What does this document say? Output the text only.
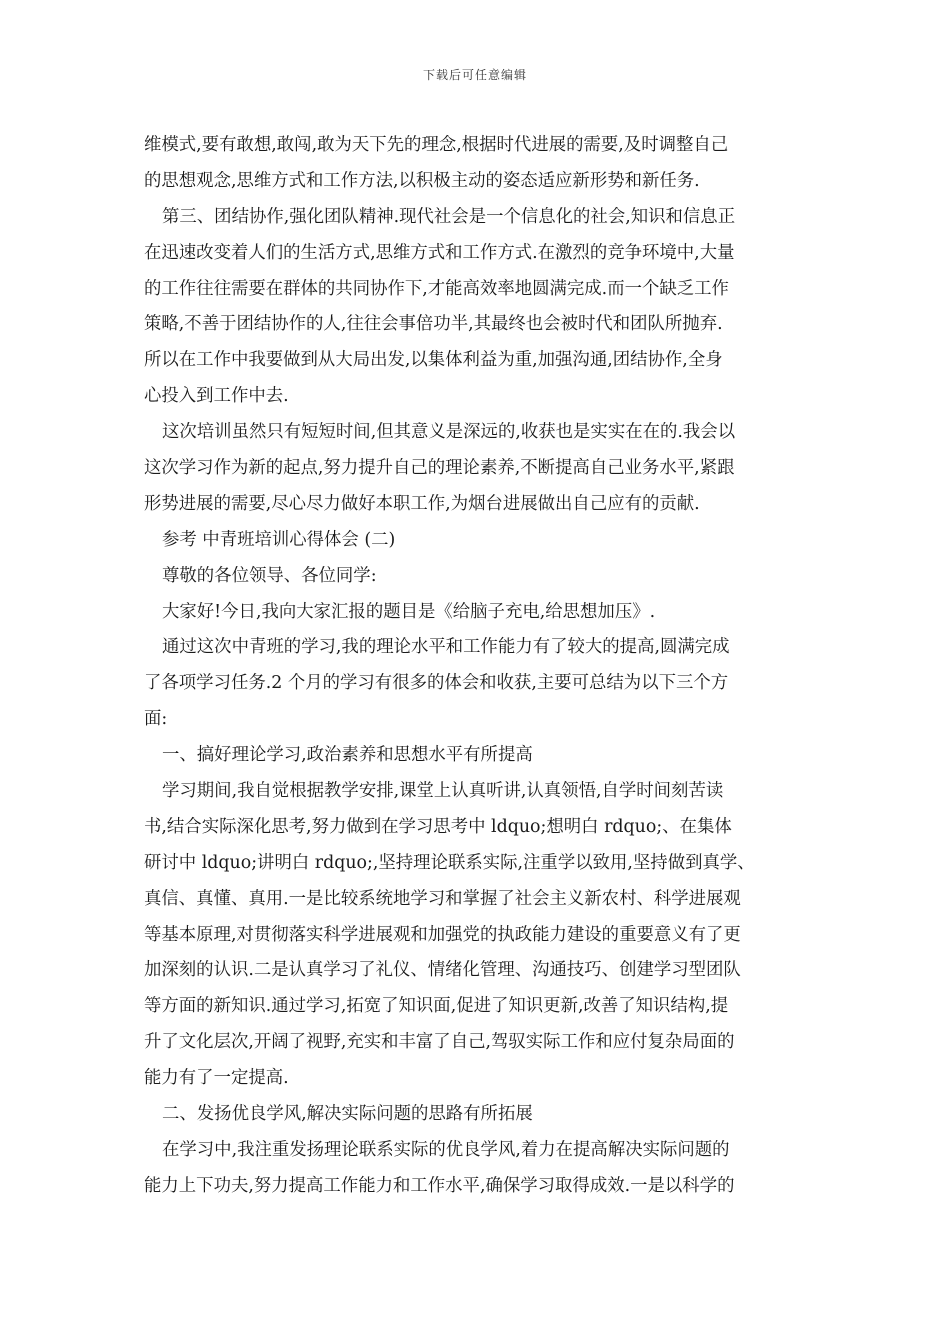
下载后可任意编辑
维模式,要有敢想,敢闯,敢为天下先的理念,根据时代进展的需要,及时调整自己
的思想观念,思维方式和工作方法,以积极主动的姿态适应新形势和新任务.
第三、团结协作,强化团队精神.现代社会是一个信息化的社会,知识和信息正
在迅速改变着人们的生活方式,思维方式和工作方式.在激烈的竞争环境中,大量
的工作往往需要在群体的共同协作下,才能高效率地圆满完成.而一个缺乏工作
策略,不善于团结协作的人,往往会事倍功半,其最终也会被时代和团队所抛弃.
所以在工作中我要做到从大局出发,以集体利益为重,加强沟通,团结协作,全身
心投入到工作中去.
这次培训虽然只有短短时间,但其意义是深远的,收获也是实实在在的.我会以
这次学习作为新的起点,努力提升自己的理论素养,不断提高自己业务水平,紧跟
形势进展的需要,尽心尽力做好本职工作,为烟台进展做出自己应有的贡献.
参考 中青班培训心得体会 (二)
尊敬的各位领导、各位同学:
大家好!今日,我向大家汇报的题目是《给脑子充电,给思想加压》.
通过这次中青班的学习,我的理论水平和工作能力有了较大的提高,圆满完成
了各项学习任务.2 个月的学习有很多的体会和收获,主要可总结为以下三个方
面:
一、搞好理论学习,政治素养和思想水平有所提高
学习期间,我自觉根据教学安排,课堂上认真听讲,认真领悟,自学时间刻苦读
书,结合实际深化思考,努力做到在学习思考中 ldquo;想明白 rdquo;、在集体
研讨中 ldquo;讲明白 rdquo;,坚持理论联系实际,注重学以致用,坚持做到真学、
真信、真懂、真用.一是比较系统地学习和掌握了社会主义新农村、科学进展观
等基本原理,对贯彻落实科学进展观和加强党的执政能力建设的重要意义有了更
加深刻的认识.二是认真学习了礼仪、情绪化管理、沟通技巧、创建学习型团队
等方面的新知识.通过学习,拓宽了知识面,促进了知识更新,改善了知识结构,提
升了文化层次,开阔了视野,充实和丰富了自己,驾驭实际工作和应付复杂局面的
能力有了一定提高.
二、发扬优良学风,解决实际问题的思路有所拓展
在学习中,我注重发扬理论联系实际的优良学风,着力在提高解决实际问题的
能力上下功夫,努力提高工作能力和工作水平,确保学习取得成效.一是以科学的
